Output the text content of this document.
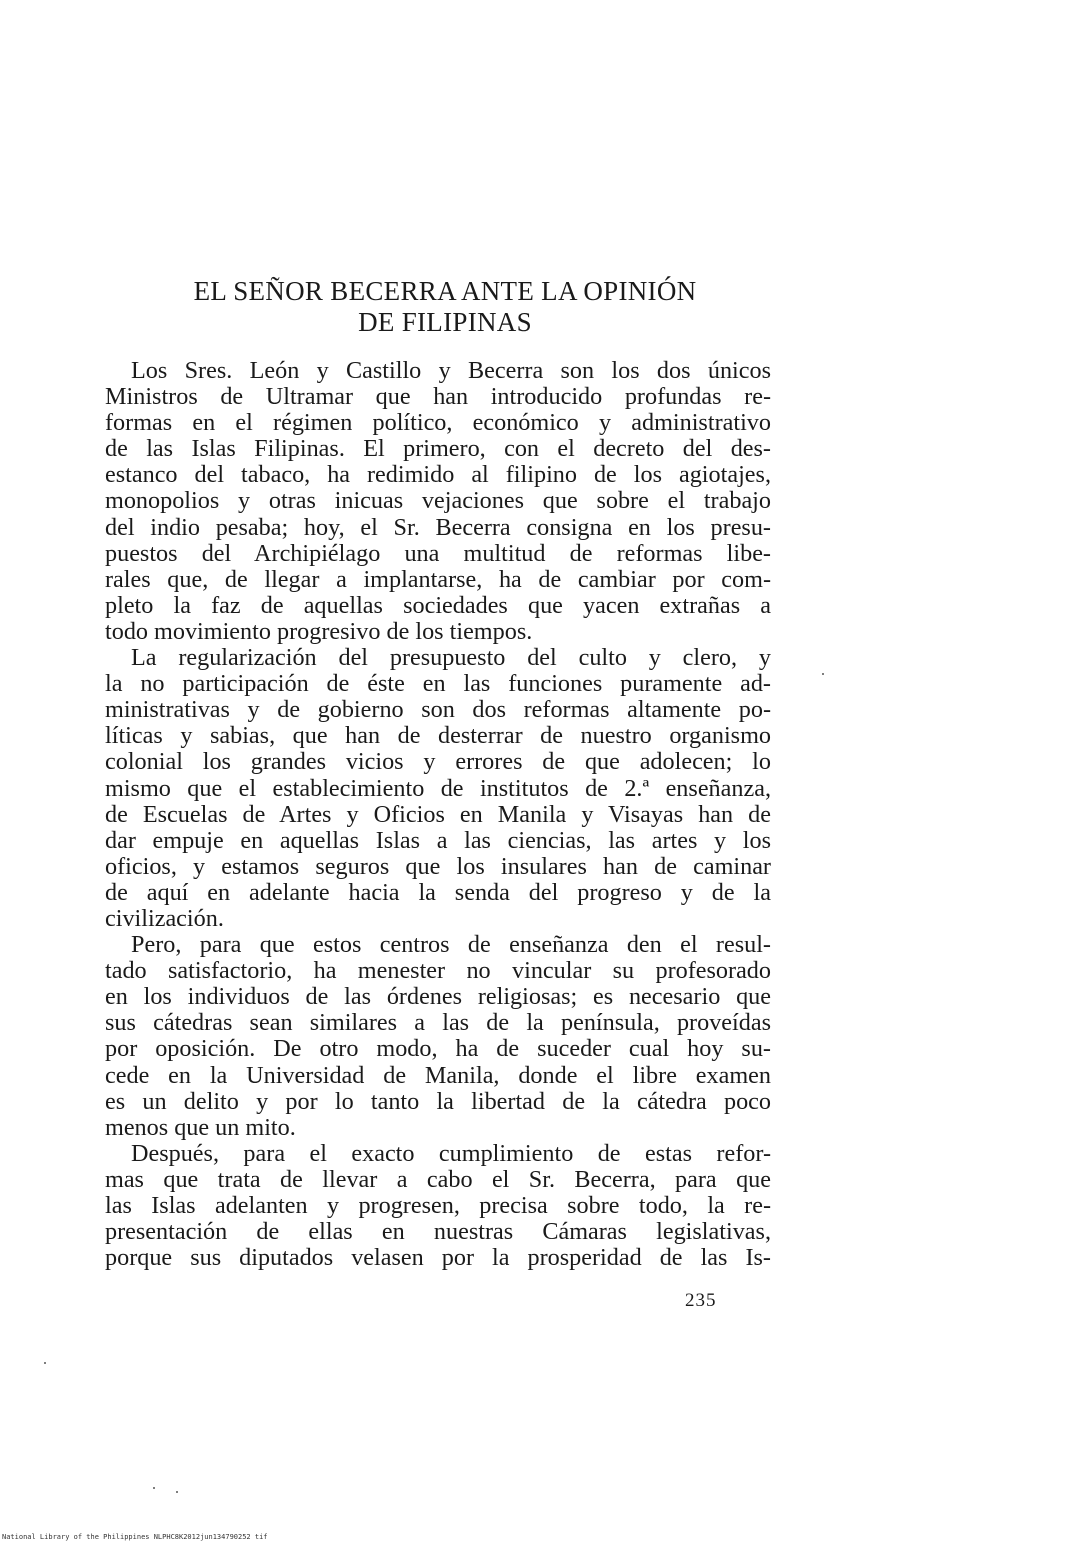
EL SEÑOR BECERRA ANTE LA OPINIÓN
DE FILIPINAS
Los Sres. León y Castillo y Becerra son los dos únicos
Ministros de Ultramar que han introducido profundas re-
formas en el régimen político, económico y administrativo
de las Islas Filipinas. El primero, con el decreto del des-
estanco del tabaco, ha redimido al filipino de los agiotajes,
monopolios y otras inicuas vejaciones que sobre el trabajo
del indio pesaba; hoy, el Sr. Becerra consigna en los presu-
puestos del Archipiélago una multitud de reformas libe-
rales que, de llegar a implantarse, ha de cambiar por com-
pleto la faz de aquellas sociedades que yacen extrañas a
todo movimiento progresivo de los tiempos.
La regularización del presupuesto del culto y clero, y
la no participación de éste en las funciones puramente ad-
ministrativas y de gobierno son dos reformas altamente po-
líticas y sabias, que han de desterrar de nuestro organismo
colonial los grandes vicios y errores de que adolecen; lo
mismo que el establecimiento de institutos de 2.ª enseñanza,
de Escuelas de Artes y Oficios en Manila y Visayas han de
dar empuje en aquellas Islas a las ciencias, las artes y los
oficios, y estamos seguros que los insulares han de caminar
de aquí en adelante hacia la senda del progreso y de la
civilización.
Pero, para que estos centros de enseñanza den el resul-
tado satisfactorio, ha menester no vincular su profesorado
en los individuos de las órdenes religiosas; es necesario que
sus cátedras sean similares a las de la península, proveídas
por oposición. De otro modo, ha de suceder cual hoy su-
cede en la Universidad de Manila, donde el libre examen
es un delito y por lo tanto la libertad de la cátedra poco
menos que un mito.
Después, para el exacto cumplimiento de estas refor-
mas que trata de llevar a cabo el Sr. Becerra, para que
las Islas adelanten y progresen, precisa sobre todo, la re-
presentación de ellas en nuestras Cámaras legislativas,
porque sus diputados velasen por la prosperidad de las Is-
235
National Library of the Philippines NLPHC8K2012jun134790252 tif
